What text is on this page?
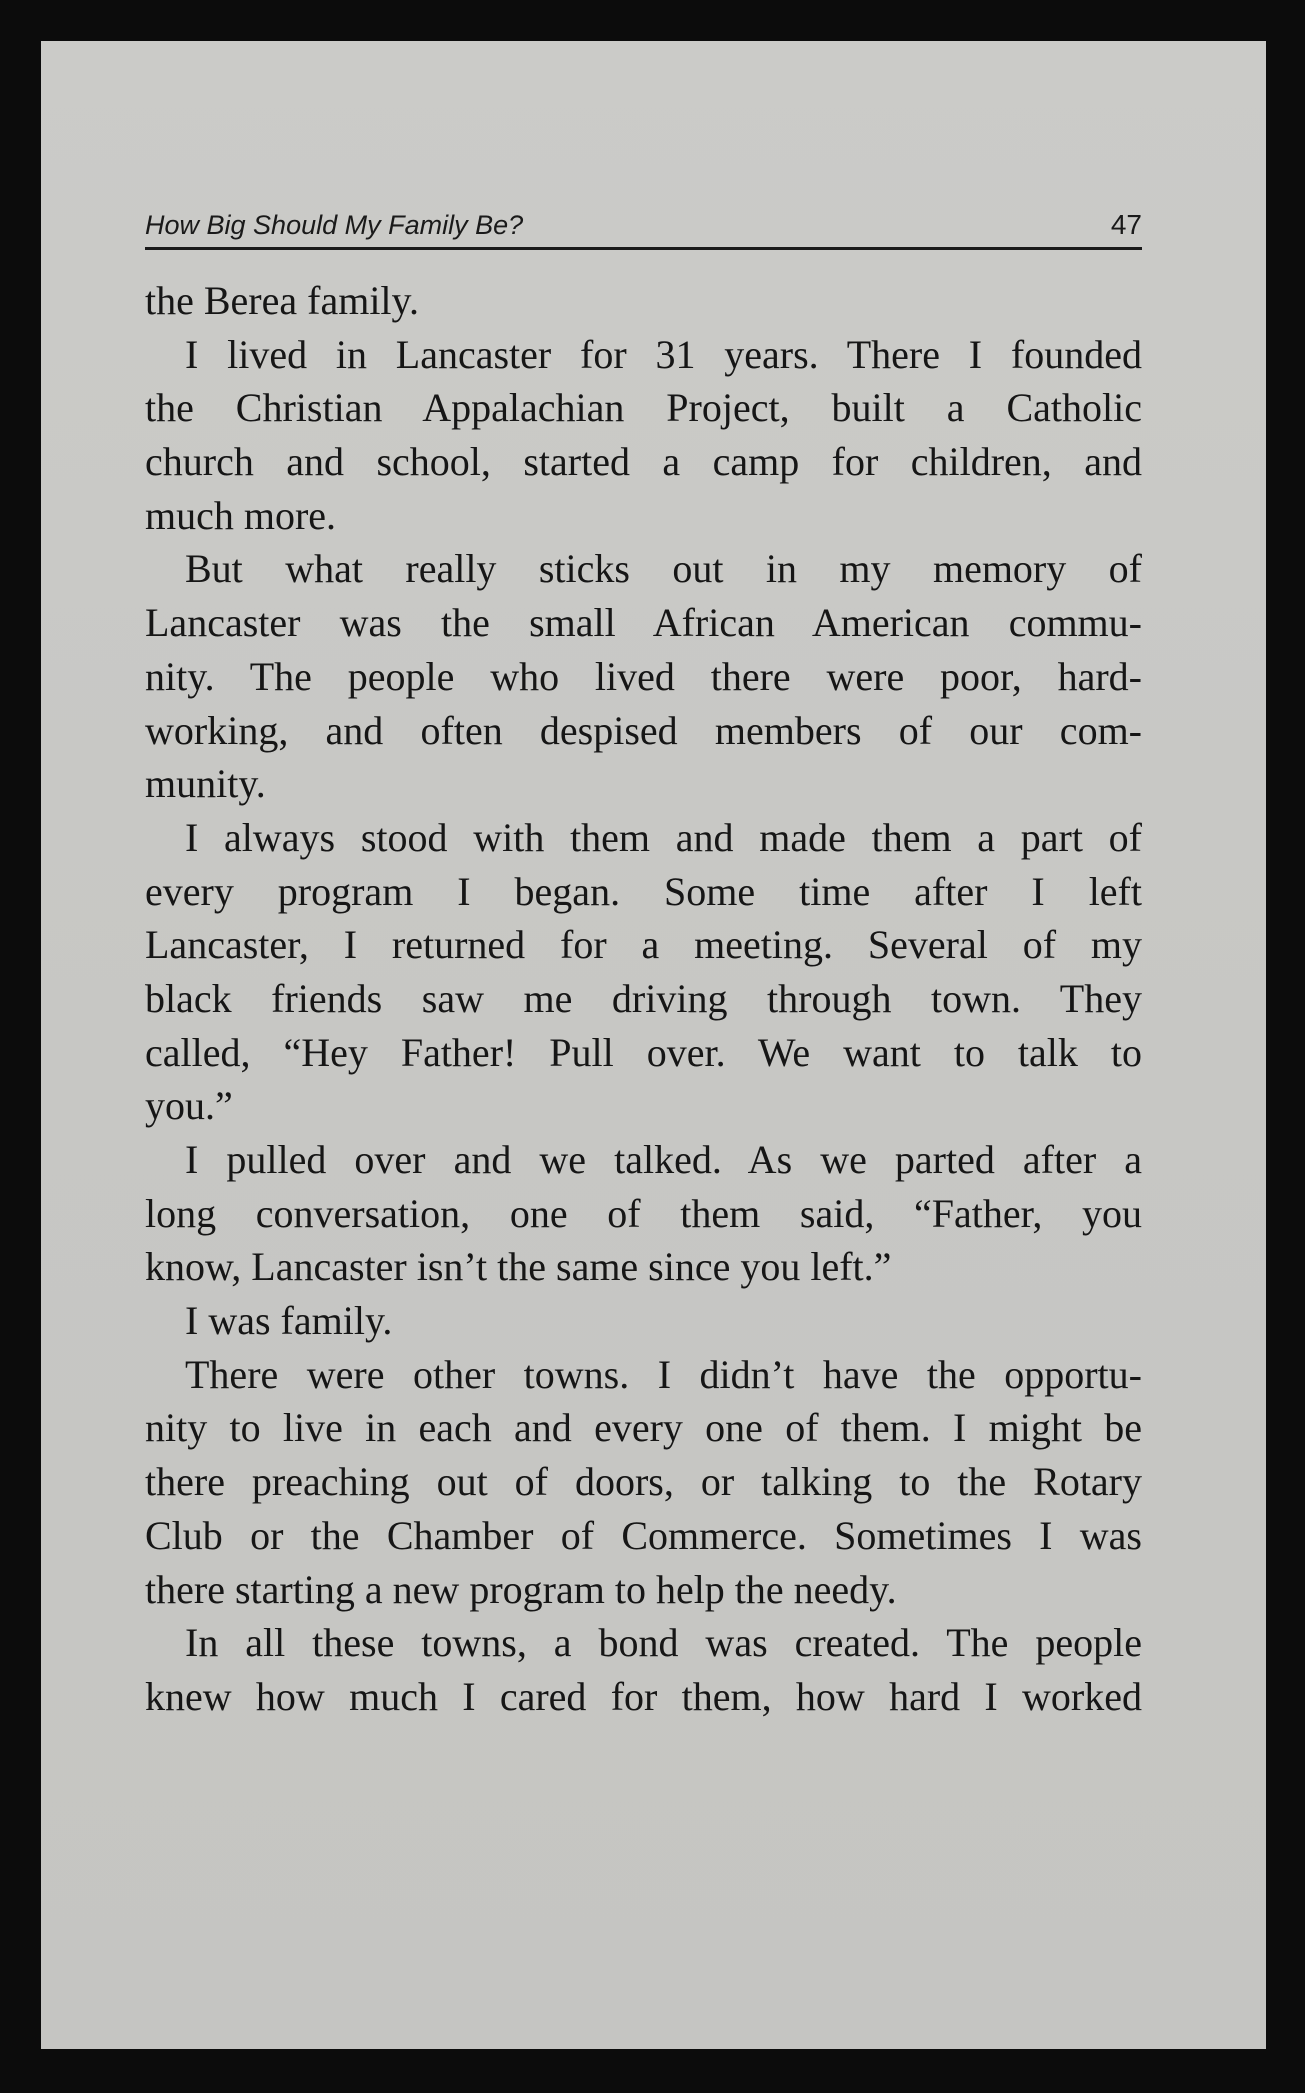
How Big Should My Family Be?	47
the Berea family.
I lived in Lancaster for 31 years. There I founded
the Christian Appalachian Project, built a Catholic
church and school, started a camp for children, and
much more.
But what really sticks out in my memory of
Lancaster was the small African American commu-
nity. The people who lived there were poor, hard-
working, and often despised members of our com-
munity.
I always stood with them and made them a part of
every program I began. Some time after I left
Lancaster, I returned for a meeting. Several of my
black friends saw me driving through town. They
called, “Hey Father! Pull over. We want to talk to
you.”
I pulled over and we talked. As we parted after a
long conversation, one of them said, “Father, you
know, Lancaster isn’t the same since you left.”
I was family.
There were other towns. I didn’t have the opportu-
nity to live in each and every one of them. I might be
there preaching out of doors, or talking to the Rotary
Club or the Chamber of Commerce. Sometimes I was
there starting a new program to help the needy.
In all these towns, a bond was created. The people
knew how much I cared for them, how hard I worked
